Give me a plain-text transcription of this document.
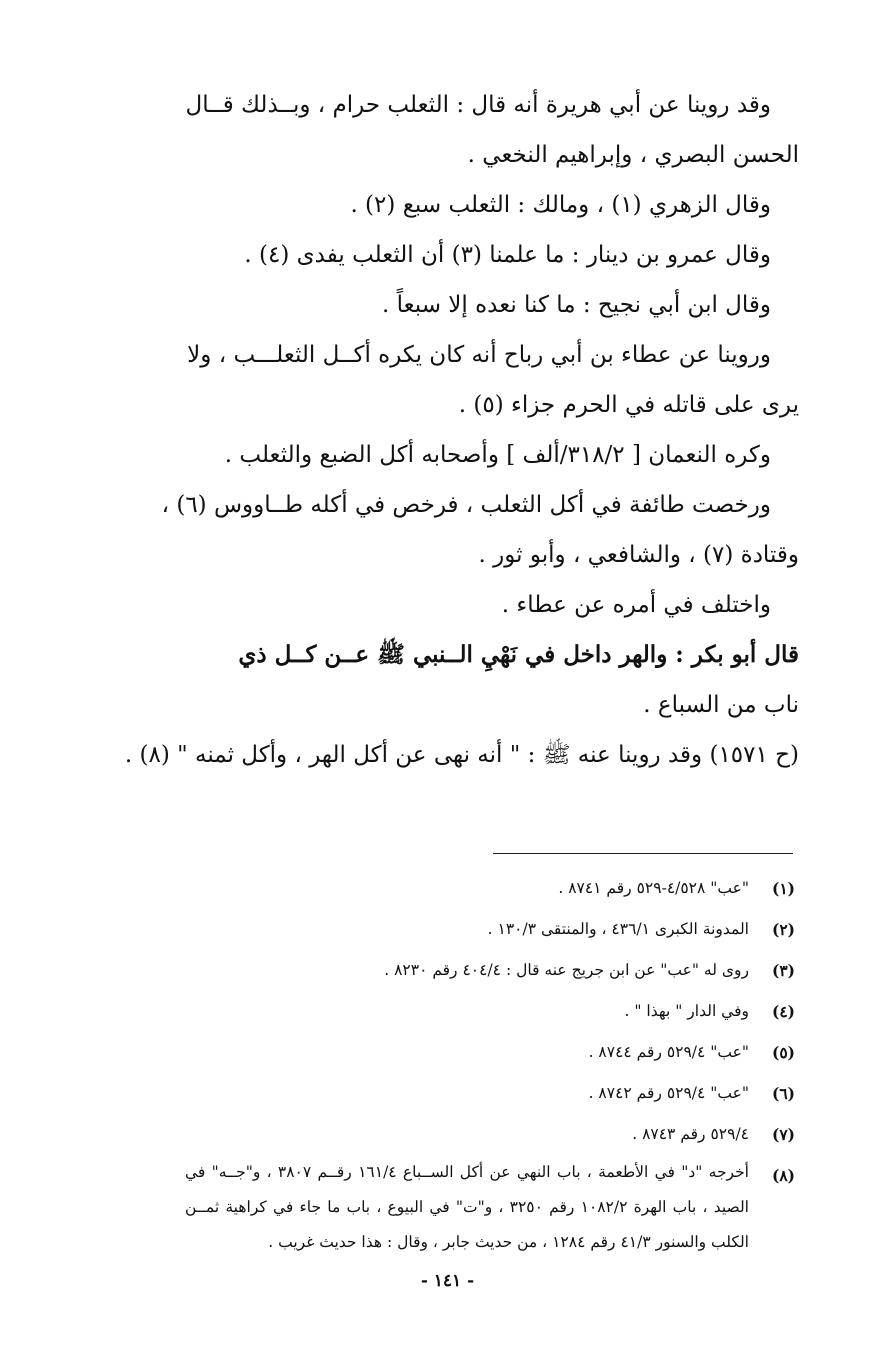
وقد روينا عن أبي هريرة أنه قال : الثعلب حرام ، وبــذلك قــال
الحسن البصري ، وإبراهيم النخعي .
وقال الزهري (١) ، ومالك : الثعلب سبع (٢) .
وقال عمرو بن دينار : ما علمنا (٣) أن الثعلب يفدى (٤) .
وقال ابن أبي نجيح : ما كنا نعده إلا سبعاً .
وروينا عن عطاء بن أبي رباح أنه كان يكره أكــل الثعلـــب ، ولا
يرى على قاتله في الحرم جزاء (٥) .
وكره النعمان [ ٣١٨/٢/ألف ] وأصحابه أكل الضبع والثعلب .
ورخصت طائفة في أكل الثعلب ، فرخص في أكله طــاووس (٦) ،
وقتادة (٧) ، والشافعي ، وأبو ثور .
واختلف في أمره عن عطاء .
قال أبو بكر : والهر داخل في نَهْيِ الــنبي ﷺ عــن كــل ذي
ناب من السباع .
(ح ١٥٧١) وقد روينا عنه ﷺ : " أنه نهى عن أكل الهر ، وأكل ثمنه " (٨) .
(١)
"عب" ٤/٥٢٨-٥٢٩ رقم ٨٧٤١ .
(٢)
المدونة الكبرى ٤٣٦/١ ، والمنتقى ١٣٠/٣ .
(٣)
روى له "عب" عن ابن جريج عنه قال : ٤٠٤/٤ رقم ٨٢٣٠ .
(٤)
وفي الدار " بهذا " .
(٥)
"عب" ٥٢٩/٤ رقم ٨٧٤٤ .
(٦)
"عب" ٥٢٩/٤ رقم ٨٧٤٢ .
(٧)
٥٢٩/٤ رقم ٨٧٤٣ .
(٨)
أخرجه "د" في الأطعمة ، باب النهي عن أكل الســباع ١٦١/٤ رقــم ٣٨٠٧ ، و"جــه" في الصيد ، باب الهرة ١٠٨٢/٢ رقم ٣٢٥٠ ، و"ت" في البيوع ، باب ما جاء في كراهية ثمــن الكلب والسنور ٤١/٣ رقم ١٢٨٤ ، من حديث جابر ، وقال : هذا حديث غريب .
- ١٤١ -
